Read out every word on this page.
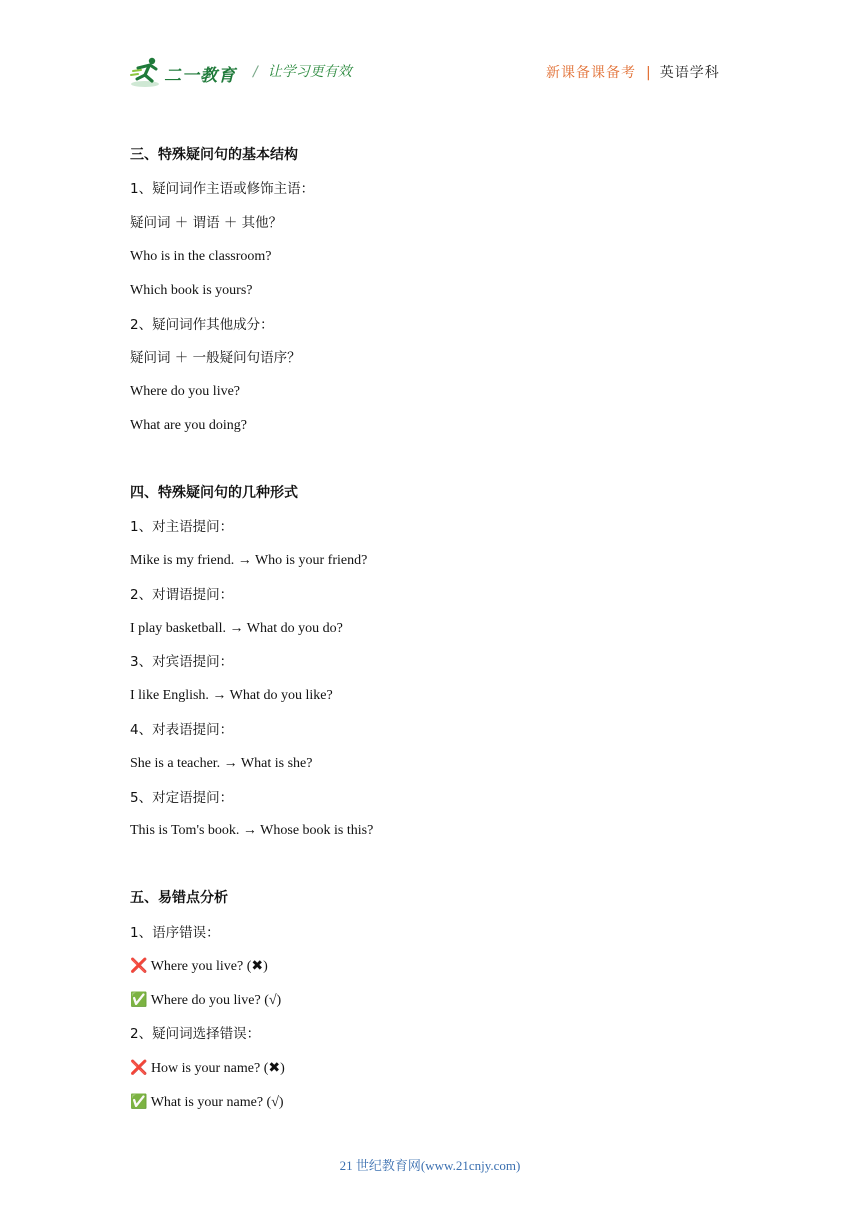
二一教育 / 让学习更有效	新课备课备考 | 英语学科
三、特殊疑问句的基本结构
1、疑问词作主语或修饰主语：
疑问词 ＋ 谓语 ＋ 其他？
Who is in the classroom?
Which book is yours?
2、疑问词作其他成分：
疑问词 ＋ 一般疑问句语序？
Where do you live?
What are you doing?
四、特殊疑问句的几种形式
1、对主语提问：
Mike is my friend. → Who is your friend?
2、对谓语提问：
I play basketball. → What do you do?
3、对宾语提问：
I like English. → What do you like?
4、对表语提问：
She is a teacher. → What is she?
5、对定语提问：
This is Tom's book. → Whose book is this?
五、易错点分析
1、语序错误：
❌ Where you live? (✖)
✅ Where do you live? (√)
2、疑问词选择错误：
❌ How is your name? (✖)
✅ What is your name? (√)
21 世纪教育网(www.21cnjy.com)
